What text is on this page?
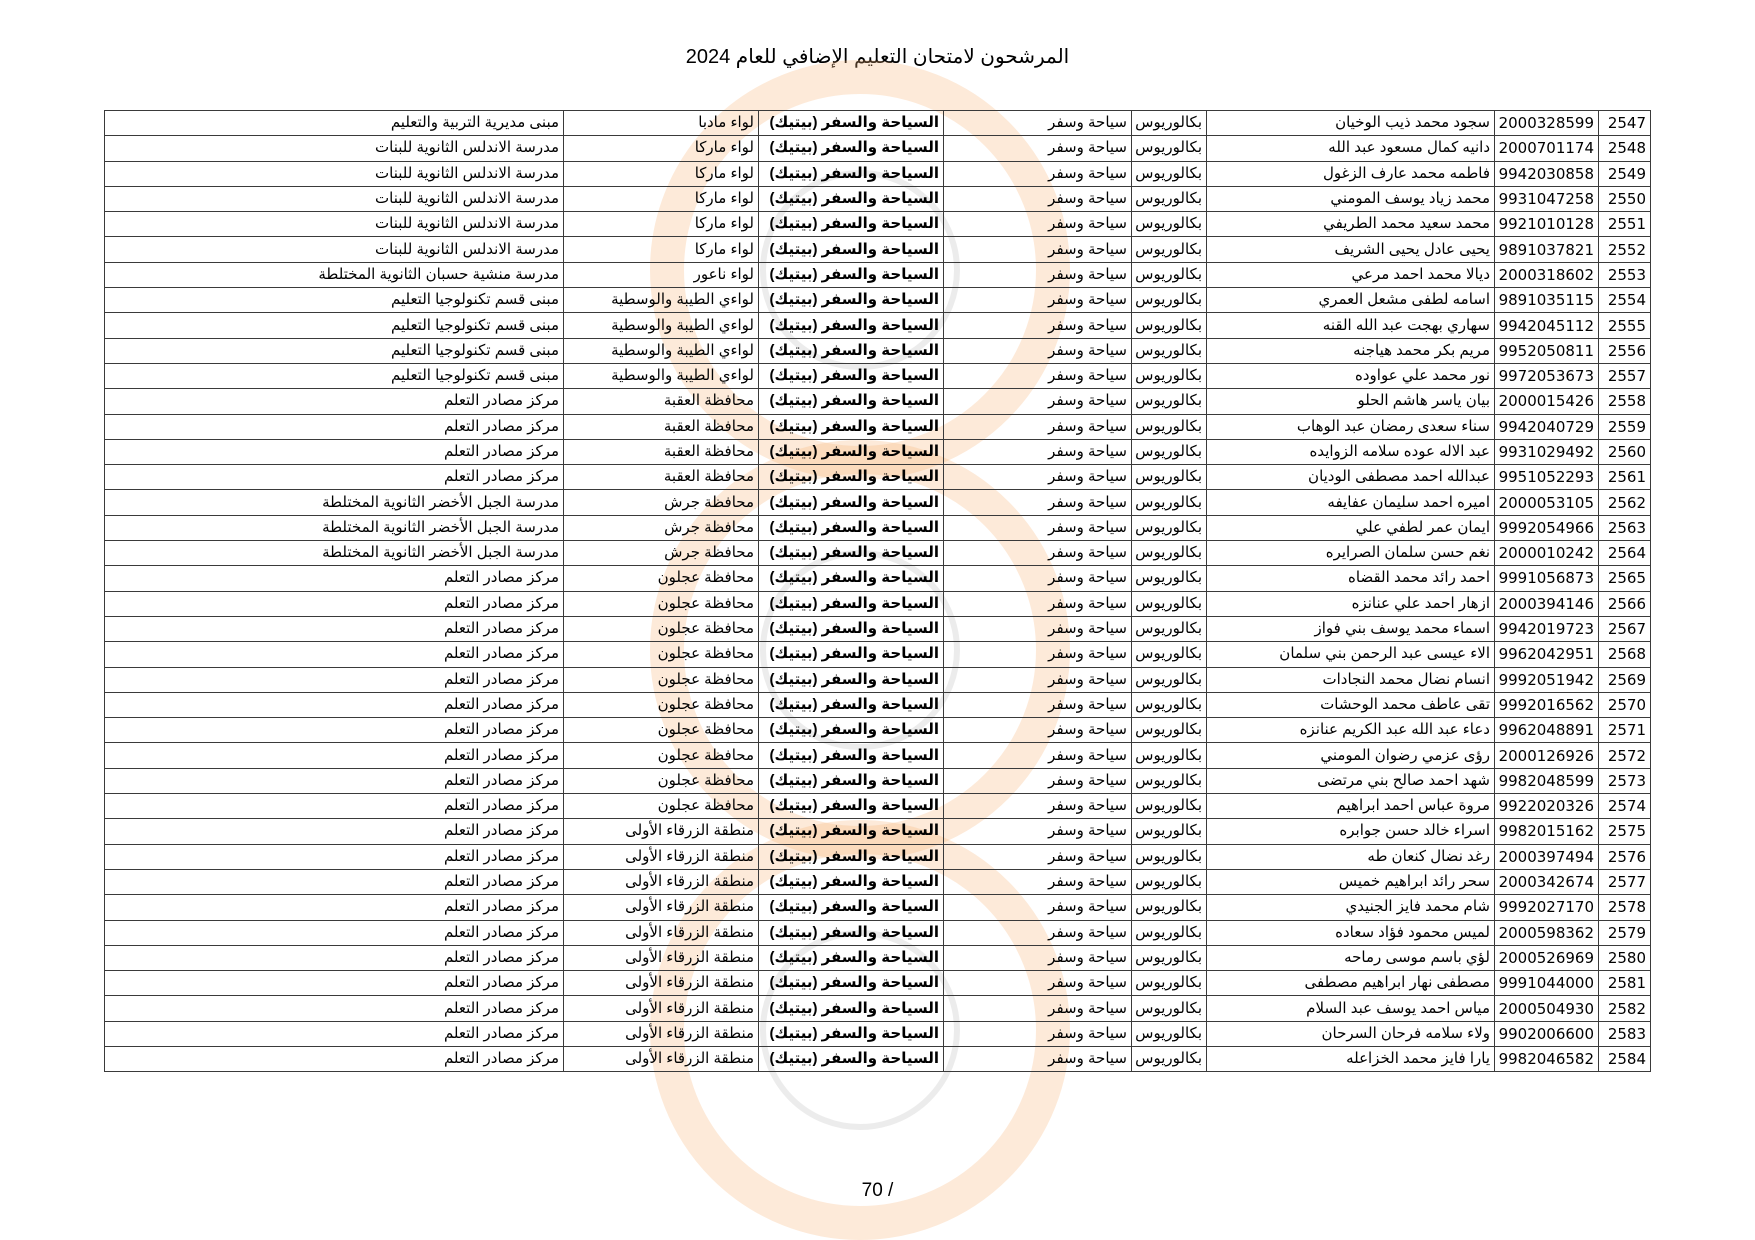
المرشحون لامتحان التعليم الإضافي للعام 2024
2547	2000328599	سجود محمد ذيب الوخيان	بكالوريوس	سياحة وسفر	السياحة والسفر (بيتيك)	لواء مادبا	مبنى مديرية التربية والتعليم
2548	2000701174	دانيه كمال مسعود عبد الله	بكالوريوس	سياحة وسفر	السياحة والسفر (بيتيك)	لواء ماركا	مدرسة الاندلس الثانوية للبنات
2549	9942030858	فاطمه محمد عارف الزغول	بكالوريوس	سياحة وسفر	السياحة والسفر (بيتيك)	لواء ماركا	مدرسة الاندلس الثانوية للبنات
2550	9931047258	محمد زياد يوسف المومني	بكالوريوس	سياحة وسفر	السياحة والسفر (بيتيك)	لواء ماركا	مدرسة الاندلس الثانوية للبنات
2551	9921010128	محمد سعيد محمد الطريفي	بكالوريوس	سياحة وسفر	السياحة والسفر (بيتيك)	لواء ماركا	مدرسة الاندلس الثانوية للبنات
2552	9891037821	يحيى عادل يحيى الشريف	بكالوريوس	سياحة وسفر	السياحة والسفر (بيتيك)	لواء ماركا	مدرسة الاندلس الثانوية للبنات
2553	2000318602	ديالا محمد احمد مرعي	بكالوريوس	سياحة وسفر	السياحة والسفر (بيتيك)	لواء ناعور	مدرسة منشية حسبان الثانوية المختلطة
2554	9891035115	اسامه لطفى مشعل العمري	بكالوريوس	سياحة وسفر	السياحة والسفر (بيتيك)	لواءي الطيبة والوسطية	مبنى قسم تكنولوجيا التعليم
2555	9942045112	سهاري بهجت عبد الله القنه	بكالوريوس	سياحة وسفر	السياحة والسفر (بيتيك)	لواءي الطيبة والوسطية	مبنى قسم تكنولوجيا التعليم
2556	9952050811	مريم بكر محمد هياجنه	بكالوريوس	سياحة وسفر	السياحة والسفر (بيتيك)	لواءي الطيبة والوسطية	مبنى قسم تكنولوجيا التعليم
2557	9972053673	نور محمد علي عواوده	بكالوريوس	سياحة وسفر	السياحة والسفر (بيتيك)	لواءي الطيبة والوسطية	مبنى قسم تكنولوجيا التعليم
2558	2000015426	بيان ياسر هاشم الحلو	بكالوريوس	سياحة وسفر	السياحة والسفر (بيتيك)	محافظة العقبة	مركز مصادر التعلم
2559	9942040729	سناء سعدى رمضان عبد الوهاب	بكالوريوس	سياحة وسفر	السياحة والسفر (بيتيك)	محافظة العقبة	مركز مصادر التعلم
2560	9931029492	عبد الاله عوده سلامه الزوايده	بكالوريوس	سياحة وسفر	السياحة والسفر (بيتيك)	محافظة العقبة	مركز مصادر التعلم
2561	9951052293	عبدالله احمد مصطفى الوديان	بكالوريوس	سياحة وسفر	السياحة والسفر (بيتيك)	محافظة العقبة	مركز مصادر التعلم
2562	2000053105	اميره احمد سليمان عفايفه	بكالوريوس	سياحة وسفر	السياحة والسفر (بيتيك)	محافظة جرش	مدرسة الجبل الأخضر الثانوية المختلطة
2563	9992054966	ايمان عمر لطفي علي	بكالوريوس	سياحة وسفر	السياحة والسفر (بيتيك)	محافظة جرش	مدرسة الجبل الأخضر الثانوية المختلطة
2564	2000010242	نغم حسن سلمان الصرايره	بكالوريوس	سياحة وسفر	السياحة والسفر (بيتيك)	محافظة جرش	مدرسة الجبل الأخضر الثانوية المختلطة
2565	9991056873	احمد رائد محمد القضاه	بكالوريوس	سياحة وسفر	السياحة والسفر (بيتيك)	محافظة عجلون	مركز مصادر التعلم
2566	2000394146	ازهار احمد علي عنانزه	بكالوريوس	سياحة وسفر	السياحة والسفر (بيتيك)	محافظة عجلون	مركز مصادر التعلم
2567	9942019723	اسماء محمد يوسف بني فواز	بكالوريوس	سياحة وسفر	السياحة والسفر (بيتيك)	محافظة عجلون	مركز مصادر التعلم
2568	9962042951	الاء عيسى عبد الرحمن بني سلمان	بكالوريوس	سياحة وسفر	السياحة والسفر (بيتيك)	محافظة عجلون	مركز مصادر التعلم
2569	9992051942	انسام نضال محمد النجادات	بكالوريوس	سياحة وسفر	السياحة والسفر (بيتيك)	محافظة عجلون	مركز مصادر التعلم
2570	9992016562	تقى عاطف محمد الوحشات	بكالوريوس	سياحة وسفر	السياحة والسفر (بيتيك)	محافظة عجلون	مركز مصادر التعلم
2571	9962048891	دعاء عبد الله عبد الكريم عنانزه	بكالوريوس	سياحة وسفر	السياحة والسفر (بيتيك)	محافظة عجلون	مركز مصادر التعلم
2572	2000126926	رؤى عزمي رضوان المومني	بكالوريوس	سياحة وسفر	السياحة والسفر (بيتيك)	محافظة عجلون	مركز مصادر التعلم
2573	9982048599	شهد احمد صالح بني مرتضى	بكالوريوس	سياحة وسفر	السياحة والسفر (بيتيك)	محافظة عجلون	مركز مصادر التعلم
2574	9922020326	مروة عباس احمد ابراهيم	بكالوريوس	سياحة وسفر	السياحة والسفر (بيتيك)	محافظة عجلون	مركز مصادر التعلم
2575	9982015162	اسراء خالد حسن جوابره	بكالوريوس	سياحة وسفر	السياحة والسفر (بيتيك)	منطقة الزرقاء الأولى	مركز مصادر التعلم
2576	2000397494	رغد نضال كنعان طه	بكالوريوس	سياحة وسفر	السياحة والسفر (بيتيك)	منطقة الزرقاء الأولى	مركز مصادر التعلم
2577	2000342674	سحر رائد ابراهيم خميس	بكالوريوس	سياحة وسفر	السياحة والسفر (بيتيك)	منطقة الزرقاء الأولى	مركز مصادر التعلم
2578	9992027170	شام محمد فايز الجنيدي	بكالوريوس	سياحة وسفر	السياحة والسفر (بيتيك)	منطقة الزرقاء الأولى	مركز مصادر التعلم
2579	2000598362	لميس محمود فؤاد سعاده	بكالوريوس	سياحة وسفر	السياحة والسفر (بيتيك)	منطقة الزرقاء الأولى	مركز مصادر التعلم
2580	2000526969	لؤي باسم موسى رماحه	بكالوريوس	سياحة وسفر	السياحة والسفر (بيتيك)	منطقة الزرقاء الأولى	مركز مصادر التعلم
2581	9991044000	مصطفى نهار ابراهيم مصطفى	بكالوريوس	سياحة وسفر	السياحة والسفر (بيتيك)	منطقة الزرقاء الأولى	مركز مصادر التعلم
2582	2000504930	مياس احمد يوسف عبد السلام	بكالوريوس	سياحة وسفر	السياحة والسفر (بيتيك)	منطقة الزرقاء الأولى	مركز مصادر التعلم
2583	9902006600	ولاء سلامه فرحان السرحان	بكالوريوس	سياحة وسفر	السياحة والسفر (بيتيك)	منطقة الزرقاء الأولى	مركز مصادر التعلم
2584	9982046582	يارا فايز محمد الخزاعله	بكالوريوس	سياحة وسفر	السياحة والسفر (بيتيك)	منطقة الزرقاء الأولى	مركز مصادر التعلم
70 /
